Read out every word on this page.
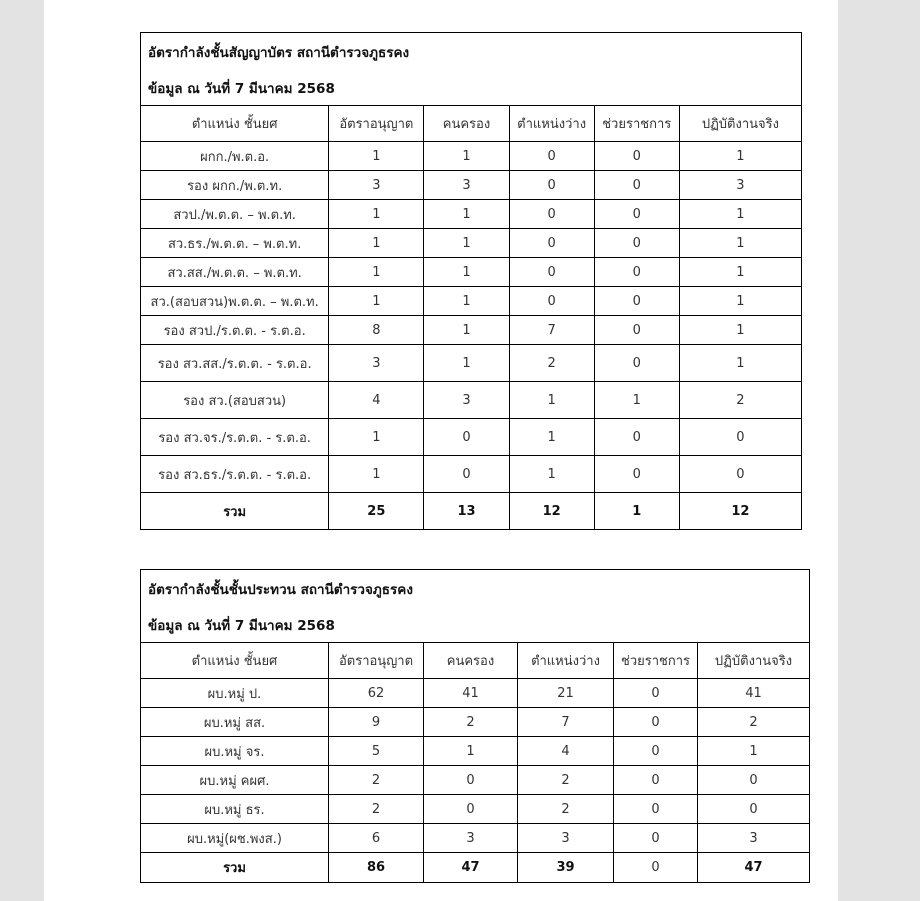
อัตรากำลังชั้นสัญญาบัตร สถานีตำรวจภูธรคง
ข้อมูล ณ วันที่ 7 มีนาคม 2568					

ตำแหน่ง ชั้นยศ	อัตราอนุญาต	คนครอง	ตำแหน่งว่าง	ช่วยราชการ	ปฏิบัติงานจริง
ผกก./พ.ต.อ.	1	1	0	0	1
รอง ผกก./พ.ต.ท.	3	3	0	0	3
สวป./พ.ต.ต. – พ.ต.ท.	1	1	0	0	1
สว.ธร./พ.ต.ต. – พ.ต.ท.	1	1	0	0	1
สว.สส./พ.ต.ต. – พ.ต.ท.	1	1	0	0	1
สว.(สอบสวน)พ.ต.ต. – พ.ต.ท.	1	1	0	0	1
รอง สวป./ร.ต.ต. - ร.ต.อ.	8	1	7	0	1
รอง สว.สส./ร.ต.ต. - ร.ต.อ.	3	1	2	0	1
รอง สว.(สอบสวน)	4	3	1	1	2
รอง สว.จร./ร.ต.ต. - ร.ต.อ.	1	0	1	0	0
รอง สว.ธร./ร.ต.ต. - ร.ต.อ.	1	0	1	0	0
รวม	25	13	12	1	12
อัตรากำลังชั้นชั้นประทวน สถานีตำรวจภูธรคง
ข้อมูล ณ วันที่ 7 มีนาคม 2568					

ตำแหน่ง ชั้นยศ	อัตราอนุญาต	คนครอง	ตำแหน่งว่าง	ช่วยราชการ	ปฏิบัติงานจริง
ผบ.หมู่ ป.	62	41	21	0	41
ผบ.หมู่ สส.	9	2	7	0	2
ผบ.หมู่ จร.	5	1	4	0	1
ผบ.หมู่ คผศ.	2	0	2	0	0
ผบ.หมู่ ธร.	2	0	2	0	0
ผบ.หมู่(ผช.พงส.)	6	3	3	0	3
รวม	86	47	39	0	47
